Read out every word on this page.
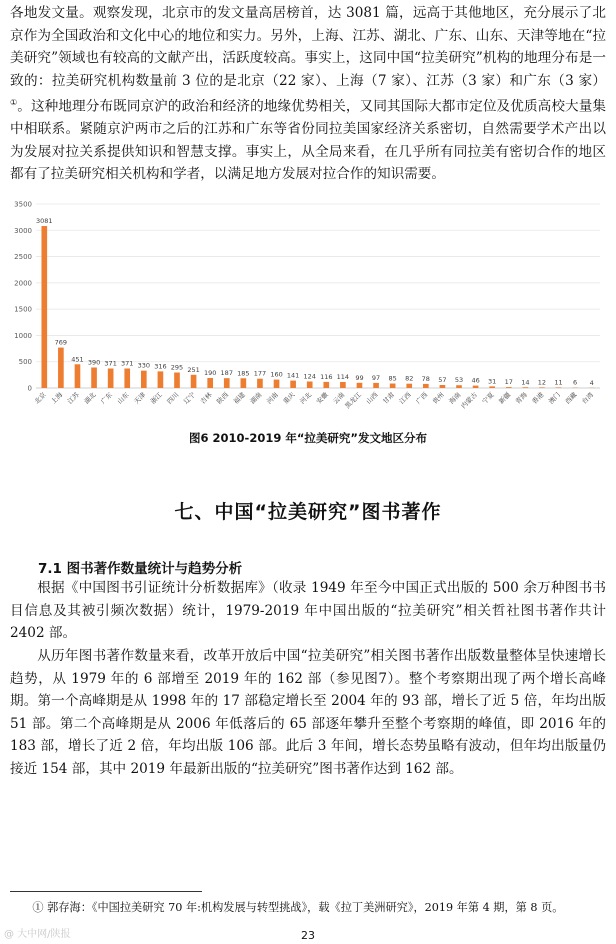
各地发文量。观察发现，北京市的发文量高居榜首，达 3081 篇，远高于其他地区，充分展示了北京作为全国政治和文化中心的地位和实力。另外，上海、江苏、湖北、广东、山东、天津等地在“拉美研究”领域也有较高的文献产出，活跃度较高。事实上，这同中国“拉美研究”机构的地理分布是一致的：拉美研究机构数量前 3 位的是北京（22 家）、上海（7 家）、江苏（3 家）和广东（3 家）①。这种地理分布既同京沪的政治和经济的地缘优势相关，又同其国际大都市定位及优质高校大量集中相联系。紧随京沪两市之后的江苏和广东等省份同拉美国家经济关系密切，自然需要学术产出以为发展对拉关系提供知识和智慧支撑。事实上，从全局来看，在几乎所有同拉美有密切合作的地区都有了拉美研究相关机构和学者，以满足地方发展对拉合作的知识需要。

0
500
1000
1500
2000
2500
3000
3500
3081
769
451 390 371 371 330 316 295 251 190 187 185 177 160 141 124 116 114 99 97 85 82 78 57 53 46 31 17 14 12 11 6 4
北京 上海 江苏 湖北 广东 山东 天津 浙江 四川 辽宁 吉林 陕西 福建 湖南 河南 重庆 河北 安徽 云南
黑龙江 山西 甘肃 江西 广西 贵州 海南
内蒙古 宁夏 新疆 青海 香港 澳门 西藏 台湾
图6 2010-2019 年“拉美研究”发文地区分布
七、中国“拉美研究”图书著作
7.1 图书著作数量统计与趋势分析

根据《中国图书引证统计分析数据库》（收录 1949 年至今中国正式出版的 500 余万种图书书目信息及其被引频次数据）统计，1979-2019 年中国出版的“拉美研究”相关哲社图书著作共计 2402 部。

从历年图书著作数量来看，改革开放后中国“拉美研究”相关图书著作出版数量整体呈快速增长趋势，从 1979 年的 6 部增至 2019 年的 162 部（参见图7）。整个考察期出现了两个增长高峰期。第一个高峰期是从 1998 年的 17 部稳定增长至 2004 年的 93 部，增长了近 5 倍，年均出版 51 部。第二个高峰期是从 2006 年低落后的 65 部逐年攀升至整个考察期的峰值，即 2016 年的 183 部，增长了近 2 倍，年均出版 106 部。此后 3 年间，增长态势虽略有波动，但年均出版量仍接近 154 部，其中 2019 年最新出版的“拉美研究”图书著作达到 162 部。

① 郭存海：《中国拉美研究 70 年:机构发展与转型挑战》，载《拉丁美洲研究》，2019 年第 4 期，第 8 页。
23
@ 大中网/陕报
